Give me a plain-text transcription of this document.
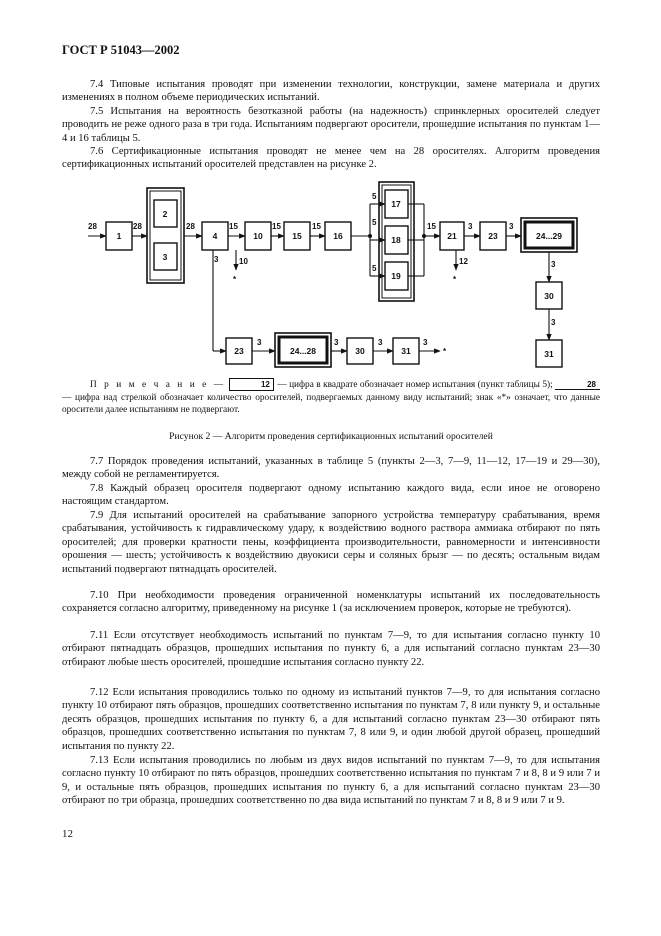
ГОСТ Р 51043—2002

7.4 Типовые испытания проводят при изменении технологии, конструкции, замене материала и других изменениях в полном объеме периодических испытаний.

7.5 Испытания на вероятность безотказной работы (на надежность) спринклерных оросителей следует проводить не реже одного раза в три года. Испытаниям подвергают оросители, прошедшие испытания по пунктам 1—4 и 16 таблицы 5.

7.6 Сертификационные испытания проводят не менее чем на 28 оросителях. Алгоритм проведения сертификационных испытаний оросителей представлен на рисунке 2.

1
2
3
4	10	15	16
17
18
19
21	23	24...29
30
31
23	24...28	30	31
28	28	28	15
10
3
15	15
5
5
5
15
12
3	3
3
3
3	3	3	3
*	*
*

П р и м е ч а н и е —	12 — цифра в квадрате обозначает номер испытания (пункт таблицы 5);	28 — цифра над стрелкой обозначает количество оросителей, подвергаемых данному виду испытаний; знак «*» означает, что данные оросители далее испытаниям не подвергают.

Рисунок 2 — Алгоритм проведения сертификационных испытаний оросителей

7.7 Порядок проведения испытаний, указанных в таблице 5 (пункты 2—3, 7—9, 11—12, 17—19 и 29—30), между собой не регламентируется.

7.8 Каждый образец оросителя подвергают одному испытанию каждого вида, если иное не оговорено настоящим стандартом.

7.9 Для испытаний оросителей на срабатывание запорного устройства температуру срабатывания, время срабатывания, устойчивость к гидравлическому удару, к воздействию водного раствора аммиака отбирают по пять оросителей; для проверки кратности пены, коэффициента производительности, равномерности и интенсивности орошения — шесть; устойчивость к воздействию двуокиси серы и соляных брызг — по десять; остальным видам испытаний подвергают пятнадцать оросителей.

7.10 При необходимости проведения ограниченной номенклатуры испытаний их последовательность сохраняется согласно алгоритму, приведенному на рисунке 1 (за исключением проверок, которые не требуются).

7.11 Если отсутствует необходимость испытаний по пунктам 7—9, то для испытания согласно пункту 10 отбирают пятнадцать образцов, прошедших испытания по пункту 6, а для испытаний согласно пунктам 23—30 отбирают любые шесть оросителей, прошедшие испытания согласно пункту 22.

7.12 Если испытания проводились только по одному из испытаний пунктов 7—9, то для испытания согласно пункту 10 отбирают пять образцов, прошедших соответственно испытания по пунктам 7, 8 или пункту 9, и остальные десять образцов, прошедших испытания по пункту 6, а для испытаний согласно пунктам 23—30 отбирают пять образцов, прошедших соответственно испытания по пунктам 7, 8 или 9, и один любой другой образец, прошедший испытания по пункту 22.

7.13 Если испытания проводились по любым из двух видов испытаний по пунктам 7—9, то для испытания согласно пункту 10 отбирают по пять образцов, прошедших соответственно испытания по пунктам 7 и 8, 8 и 9 или 7 и 9, и остальные пять образцов, прошедших испытания по пункту 6, а для испытаний согласно пунктам 23—30 отбирают по три образца, прошедших соответственно по два вида испытаний по пунктам 7 и 8, 8 и 9 или 7 и 9.

12
